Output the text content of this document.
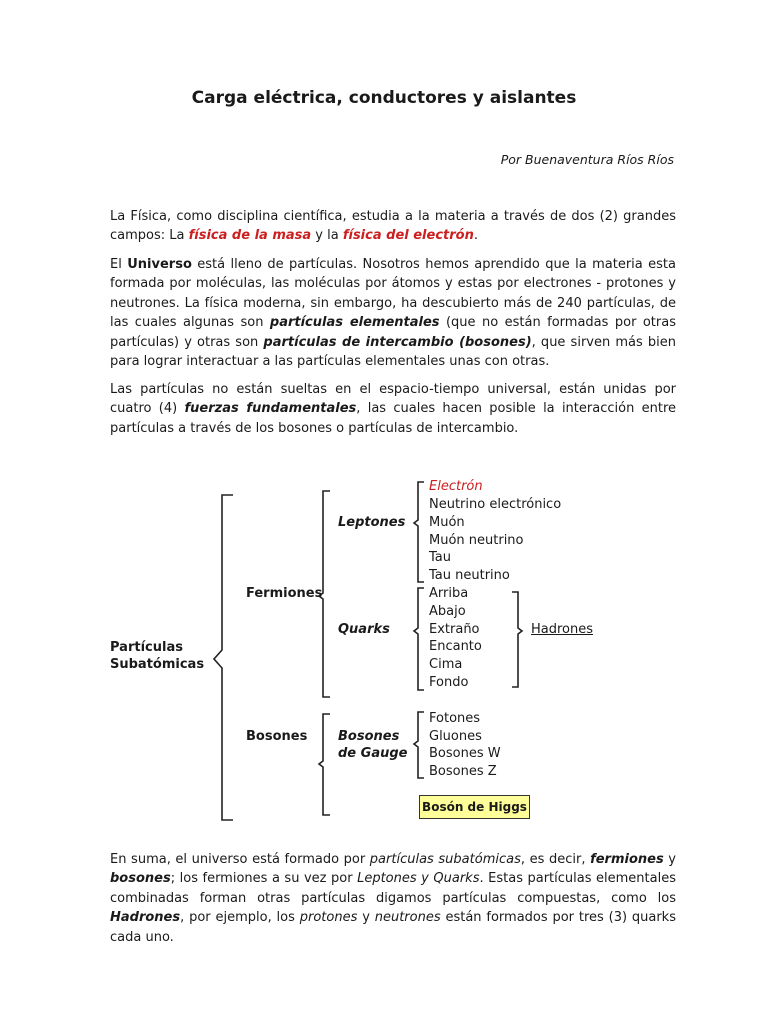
Carga eléctrica, conductores y aislantes
Por Buenaventura Ríos Ríos

La Física, como disciplina científica, estudia a la materia a través de dos (2) grandes campos: La física de la masa y la física del electrón.

El Universo está lleno de partículas. Nosotros hemos aprendido que la materia esta formada por moléculas, las moléculas por átomos y estas por electrones - protones y neutrones. La física moderna, sin embargo, ha descubierto más de 240 partículas, de las cuales algunas son partículas elementales (que no están formadas por otras partículas) y otras son partículas de intercambio (bosones), que sirven más bien para lograr interactuar a las partículas elementales unas con otras.

Las partículas no están sueltas en el espacio-tiempo universal, están unidas por cuatro (4) fuerzas fundamentales, las cuales hacen posible la interacción entre partículas a través de los bosones o partículas de intercambio.

Partículas
Subatómicas
Fermiones
Bosones
Leptones
Quarks
Bosones
de Gauge
Electrón
Neutrino electrónico
Muón
Muón neutrino
Tau
Tau neutrino
Arriba
Abajo
Extraño
Encanto
Cima
Fondo
Hadrones
Fotones
Gluones
Bosones W
Bosones Z
Bosón de Higgs

En suma, el universo está formado por partículas subatómicas, es decir, fermiones y bosones; los fermiones a su vez por Leptones y Quarks. Estas partículas elementales combinadas forman otras partículas digamos partículas compuestas, como los Hadrones, por ejemplo, los protones y neutrones están formados por tres (3) quarks cada uno.
